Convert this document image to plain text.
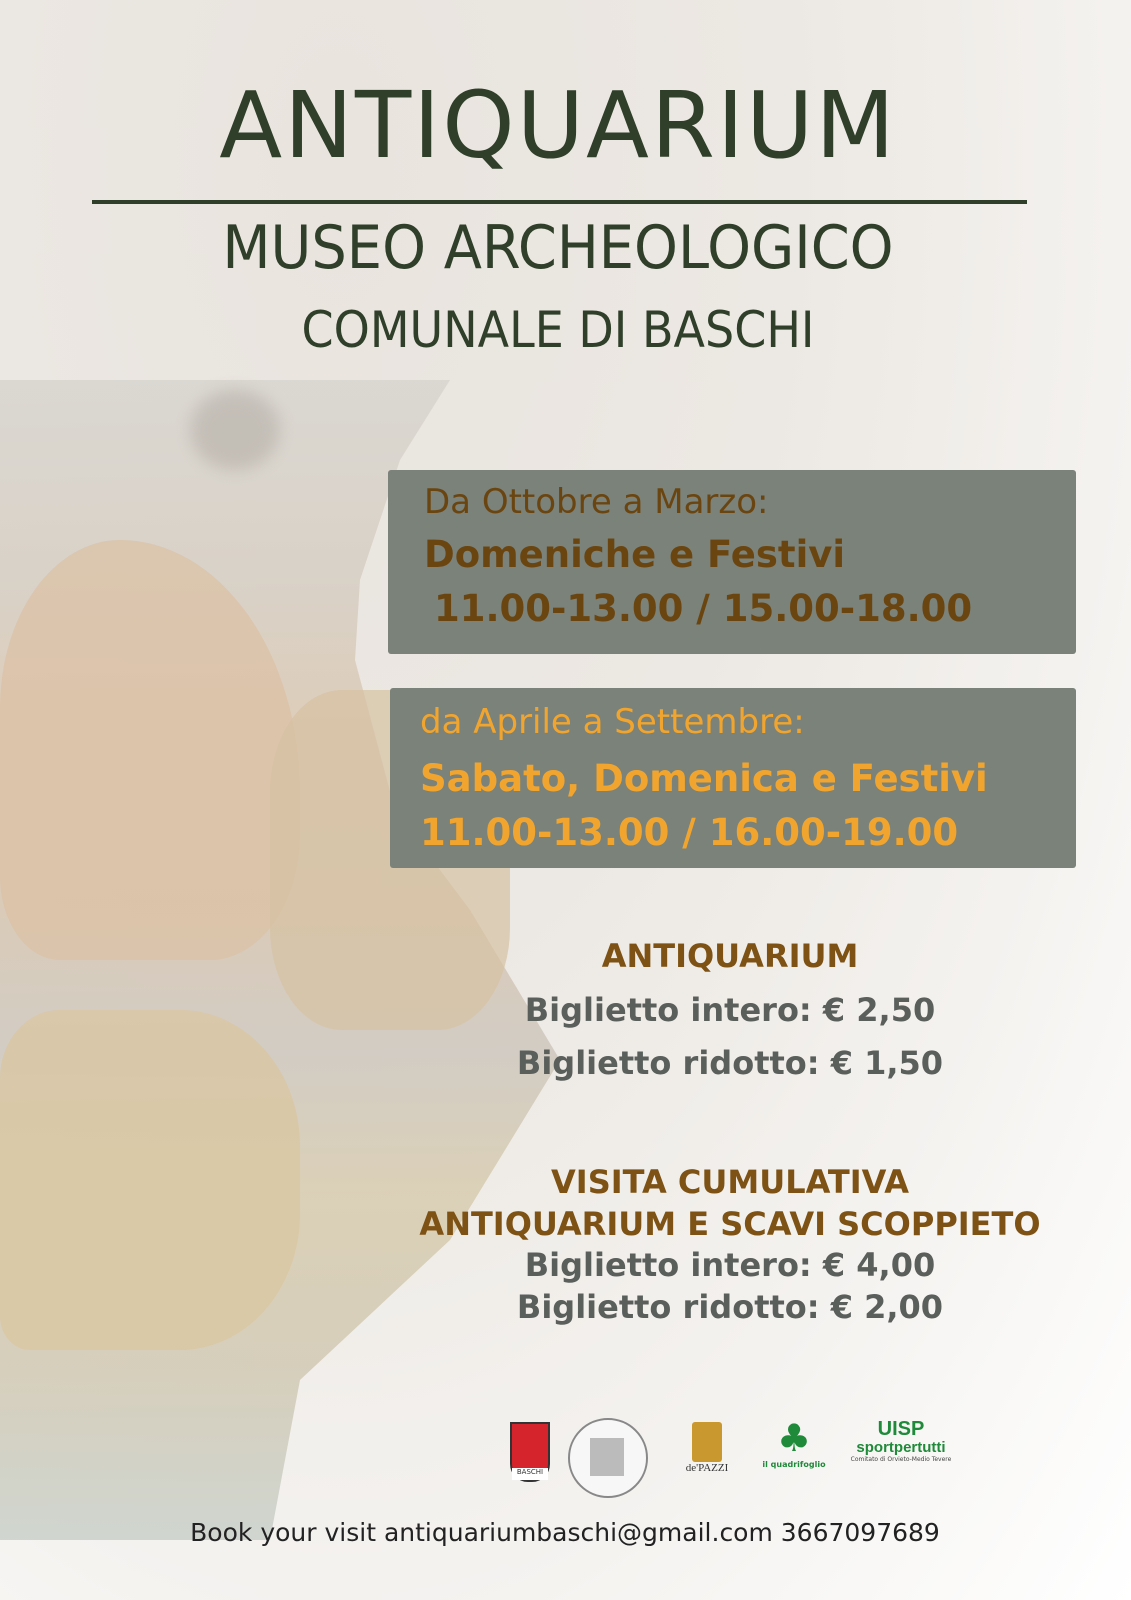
ANTIQUARIUM
MUSEO ARCHEOLOGICO
COMUNALE DI BASCHI

Da Ottobre a Marzo:

Domeniche e Festivi

11.00-13.00 / 15.00-18.00

da Aprile a Settembre:

Sabato, Domenica e Festivi

11.00-13.00 / 16.00-19.00

ANTIQUARIUM

Biglietto intero: € 2,50

Biglietto ridotto: € 1,50

VISITA CUMULATIVA

ANTIQUARIUM E SCAVI SCOPPIETO

Biglietto intero: € 4,00

Biglietto ridotto: € 2,00

BASCHI	de'PAZZI
♣
il quadrifoglio
UISP
sportpertutti
Comitato di Orvieto-Medio Tevere
Book your visit antiquariumbaschi@gmail.com 3667097689
